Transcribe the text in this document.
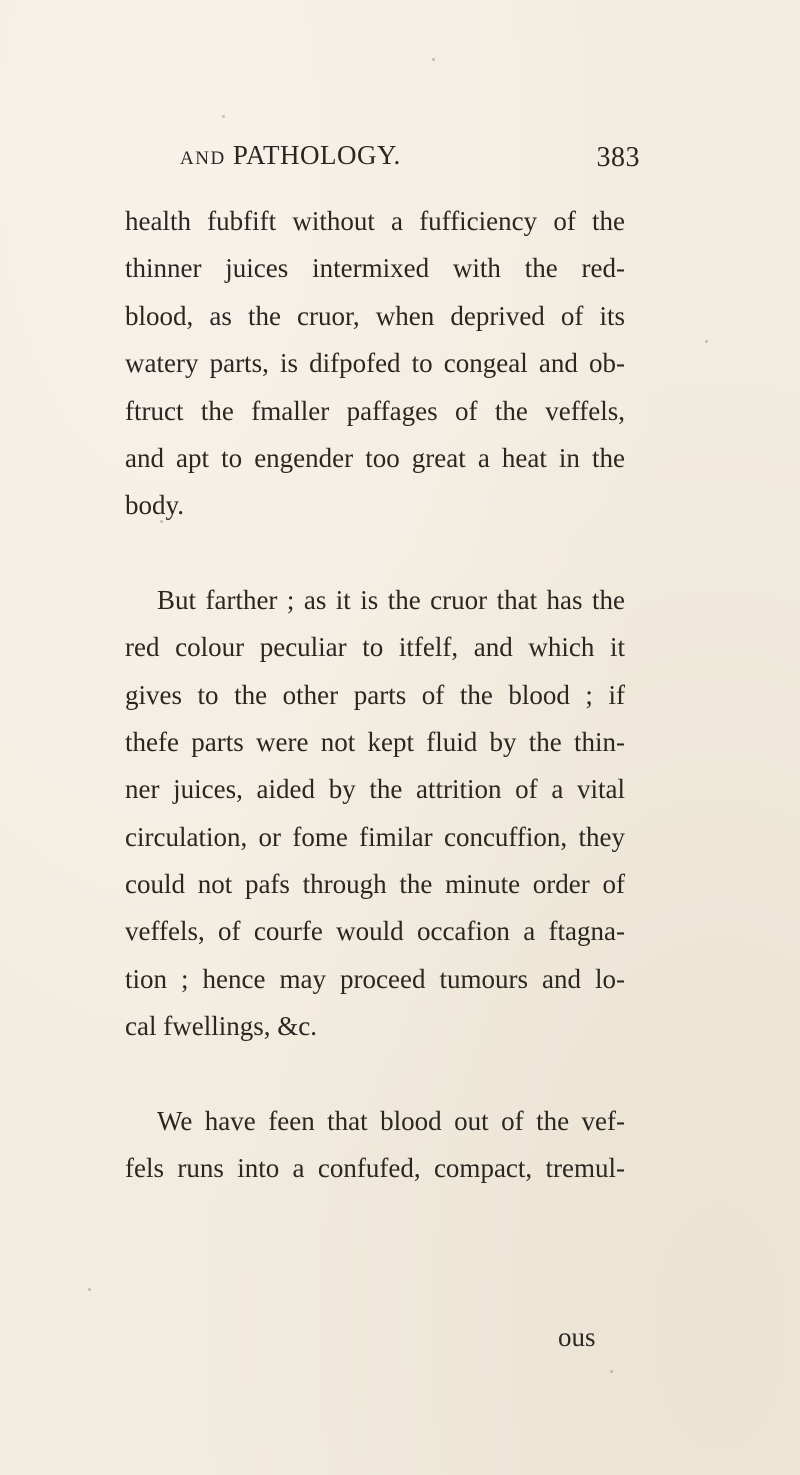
AND PATHOLOGY.	383
health fubfift without a fufficiency of the
thinner juices intermixed with the red-
blood, as the cruor, when deprived of its
watery parts, is difpofed to congeal and ob-
ftruct the fmaller paffages of the veffels,
and apt to engender too great a heat in the
body.
But farther ; as it is the cruor that has the
red colour peculiar to itfelf, and which it
gives to the other parts of the blood ; if
thefe parts were not kept fluid by the thin-
ner juices, aided by the attrition of a vital
circulation, or fome fimilar concuffion, they
could not pafs through the minute order of
veffels, of courfe would occafion a ftagna-
tion ; hence may proceed tumours and lo-
cal fwellings, &c.
We have feen that blood out of the vef-
fels runs into a confufed, compact, tremul-
ous
